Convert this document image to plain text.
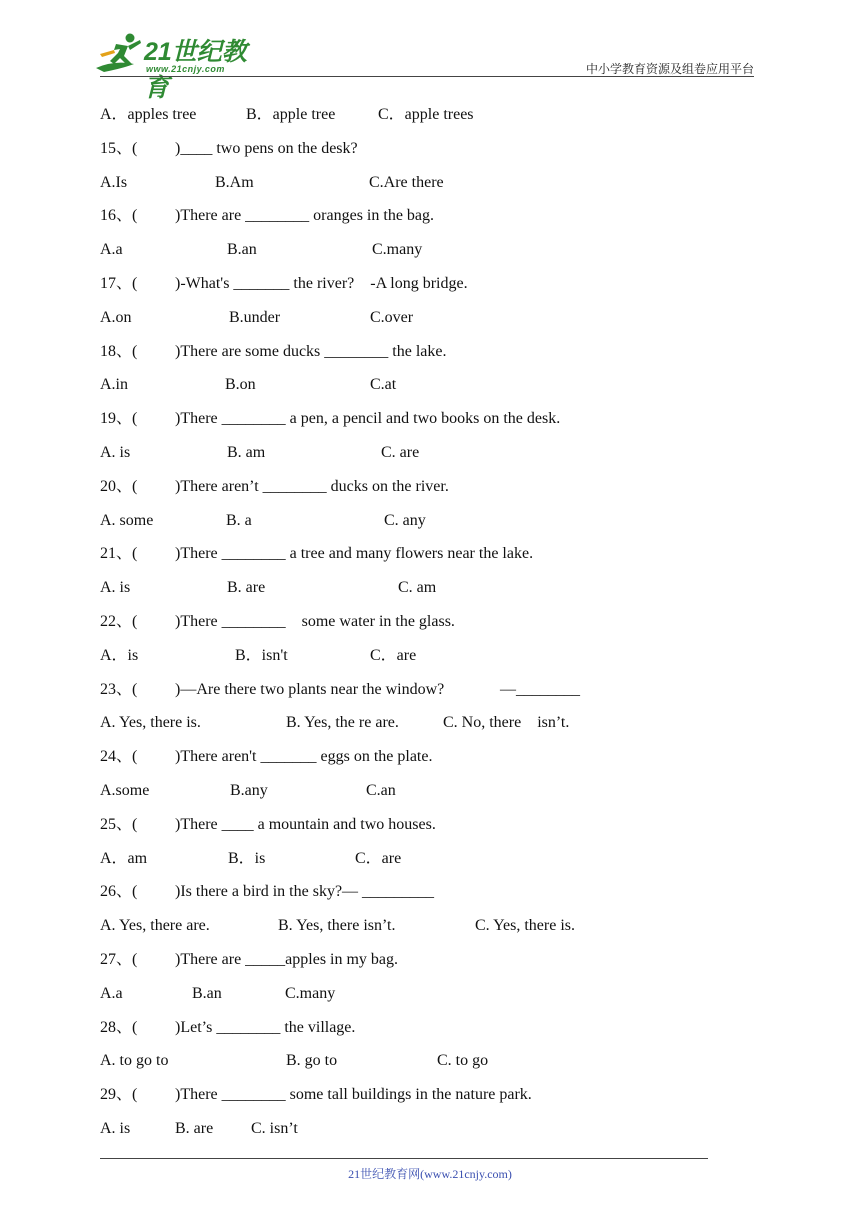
21世纪教育
www.21cnjy.com	中小学教育资源及组卷应用平台

A．apples tree

	B．apple tree

	C．apple trees

15、(

)____ two pens on the desk?

A.Is

	B.Am

	C.Are there

16、(

)There are ________ oranges in the bag.

A.a

	B.an

	C.many

17、(

)-What's _______ the river?    -A long bridge.

A.on

	B.under

	C.over

18、(

)There are some ducks ________ the lake.

A.in

	B.on

	C.at

19、(

)There ________ a pen, a pencil and two books on the desk.

A. is

	B. am

	C. are

20、(

)There aren’t ________ ducks on the river.

A. some

	B. a

	C. any

21、(

)There ________ a tree and many flowers near the lake.

A. is

	B. are

	C. am

22、(

)There ________    some water in the glass.

A．is

	B．isn't

	C．are

23、(

)—Are there two plants near the window?

	—________

A. Yes, there is.

	B. Yes, the re are.

	C. No, there    isn’t.

24、(

)There aren't _______ eggs on the plate.

A.some

	B.any

	C.an

25、(

)There ____ a mountain and two houses.

A．am

	B．is

	C．are

26、(

)Is there a bird in the sky?— _________

A. Yes, there are.

	B. Yes, there isn’t.

	C. Yes, there is.

27、(

)There are _____apples in my bag.

A.a

	B.an

	C.many

28、(

)Let’s ________ the village.

A. to go to

	B. go to

	C. to go

29、(

)There ________ some tall buildings in the nature park.

A. is

	B. are

C. isn’t

21世纪教育网(www.21cnjy.com)
